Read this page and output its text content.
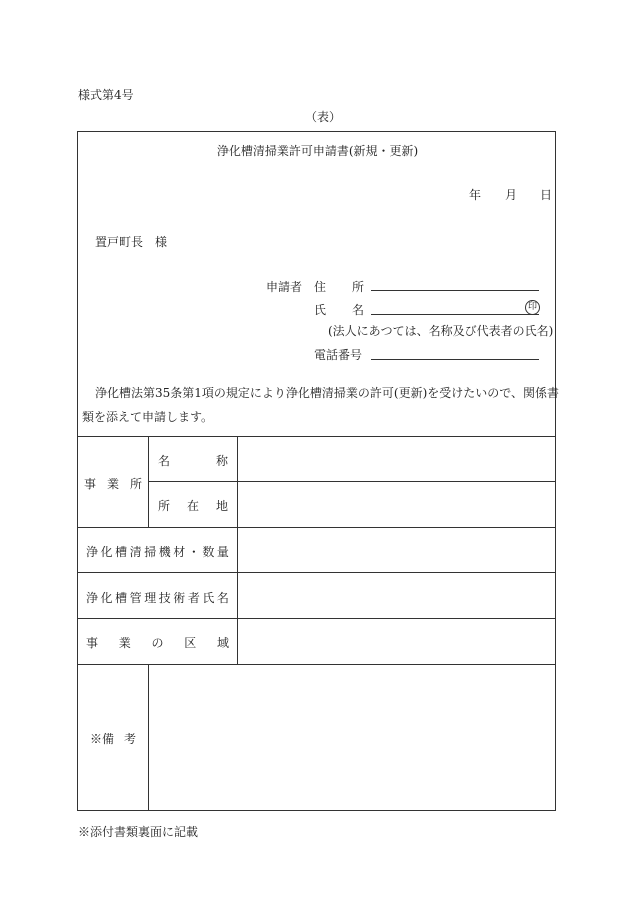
様式第4号
（表）
浄化槽清掃業許可申請書(新規・更新)
年 月 日
置戸町長　様
申請者 住 所
氏 名	印
(法人にあつては、名称及び代表者の氏名)
電話番号
浄化槽法第35条第1項の規定により浄化槽清掃業の許可(更新)を受けたいので、関係書
類を添えて申請します。
事 業 所
名	称
所 在 地
浄 化 槽 清 掃 機 材 ・ 数 量
浄 化 槽 管 理 技 術 者 氏 名
事 業 の 区 域
※備 考
※添付書類裏面に記載
